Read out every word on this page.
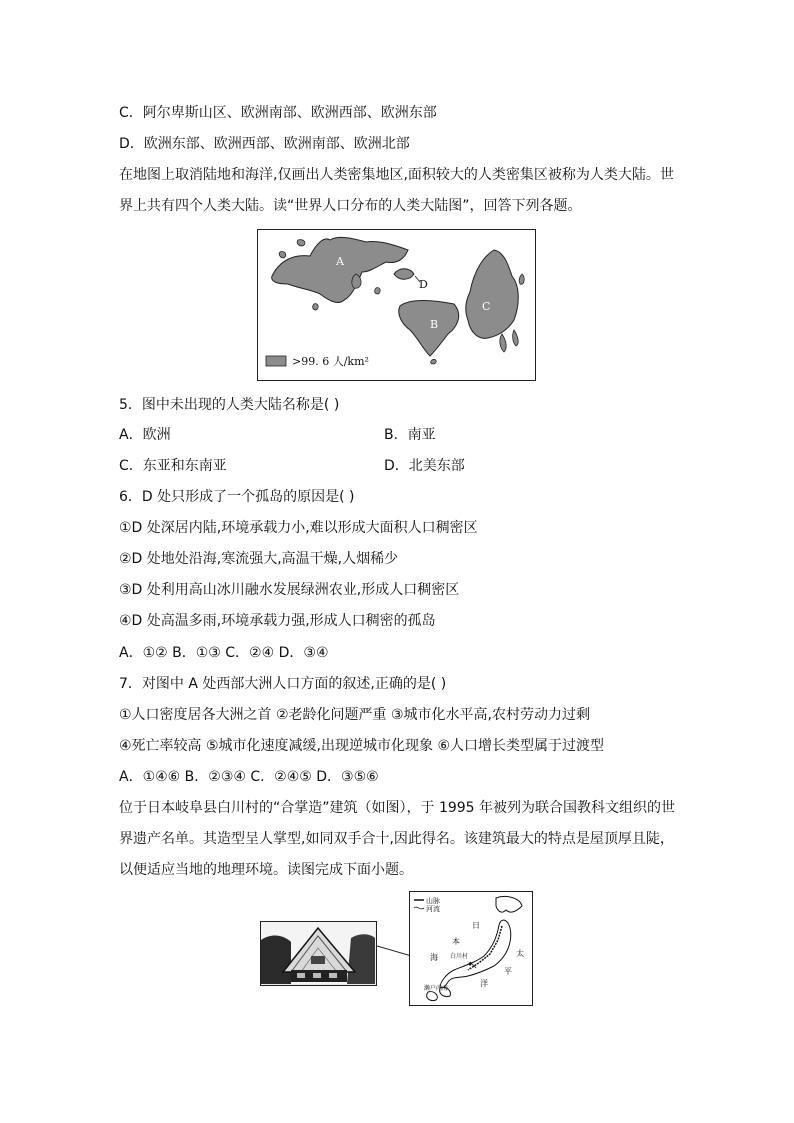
C．阿尔卑斯山区、欧洲南部、欧洲西部、欧洲东部
D．欧洲东部、欧洲西部、欧洲南部、欧洲北部
在地图上取消陆地和海洋,仅画出人类密集地区,面积较大的人类密集区被称为人类大陆。世
界上共有四个人类大陆。读“世界人口分布的人类大陆图”，回答下列各题。
A
D
B
C
>99. 6 人/km²
5．图中未出现的人类大陆名称是( )
A．欧洲	B．南亚
C．东亚和东南亚	D．北美东部
6．D 处只形成了一个孤岛的原因是( )
①D 处深居内陆,环境承载力小,难以形成大面积人口稠密区
②D 处地处沿海,寒流强大,高温干燥,人烟稀少
③D 处利用高山冰川融水发展绿洲农业,形成人口稠密区
④D 处高温多雨,环境承载力强,形成人口稠密的孤岛
A．①② B．①③ C．②④ D．③④
7．对图中 A 处西部大洲人口方面的叙述,正确的是( )
①人口密度居各大洲之首 ②老龄化问题严重 ③城市化水平高,农村劳动力过剩
④死亡率较高 ⑤城市化速度减缓,出现逆城市化现象 ⑥人口增长类型属于过渡型
A．①④⑥ B．②③④ C．②④⑤ D．③⑤⑥
位于日本岐阜县白川村的“合掌造”建筑（如图），于 1995 年被列为联合国教科文组织的世
界遗产名单。其造型呈人掌型,如同双手合十,因此得名。该建筑最大的特点是屋顶厚且陡，
以便适应当地的地理环境。读图完成下面小题。
山脉
河流
日
本
海 白川村	太
平
洋
濑户内海
